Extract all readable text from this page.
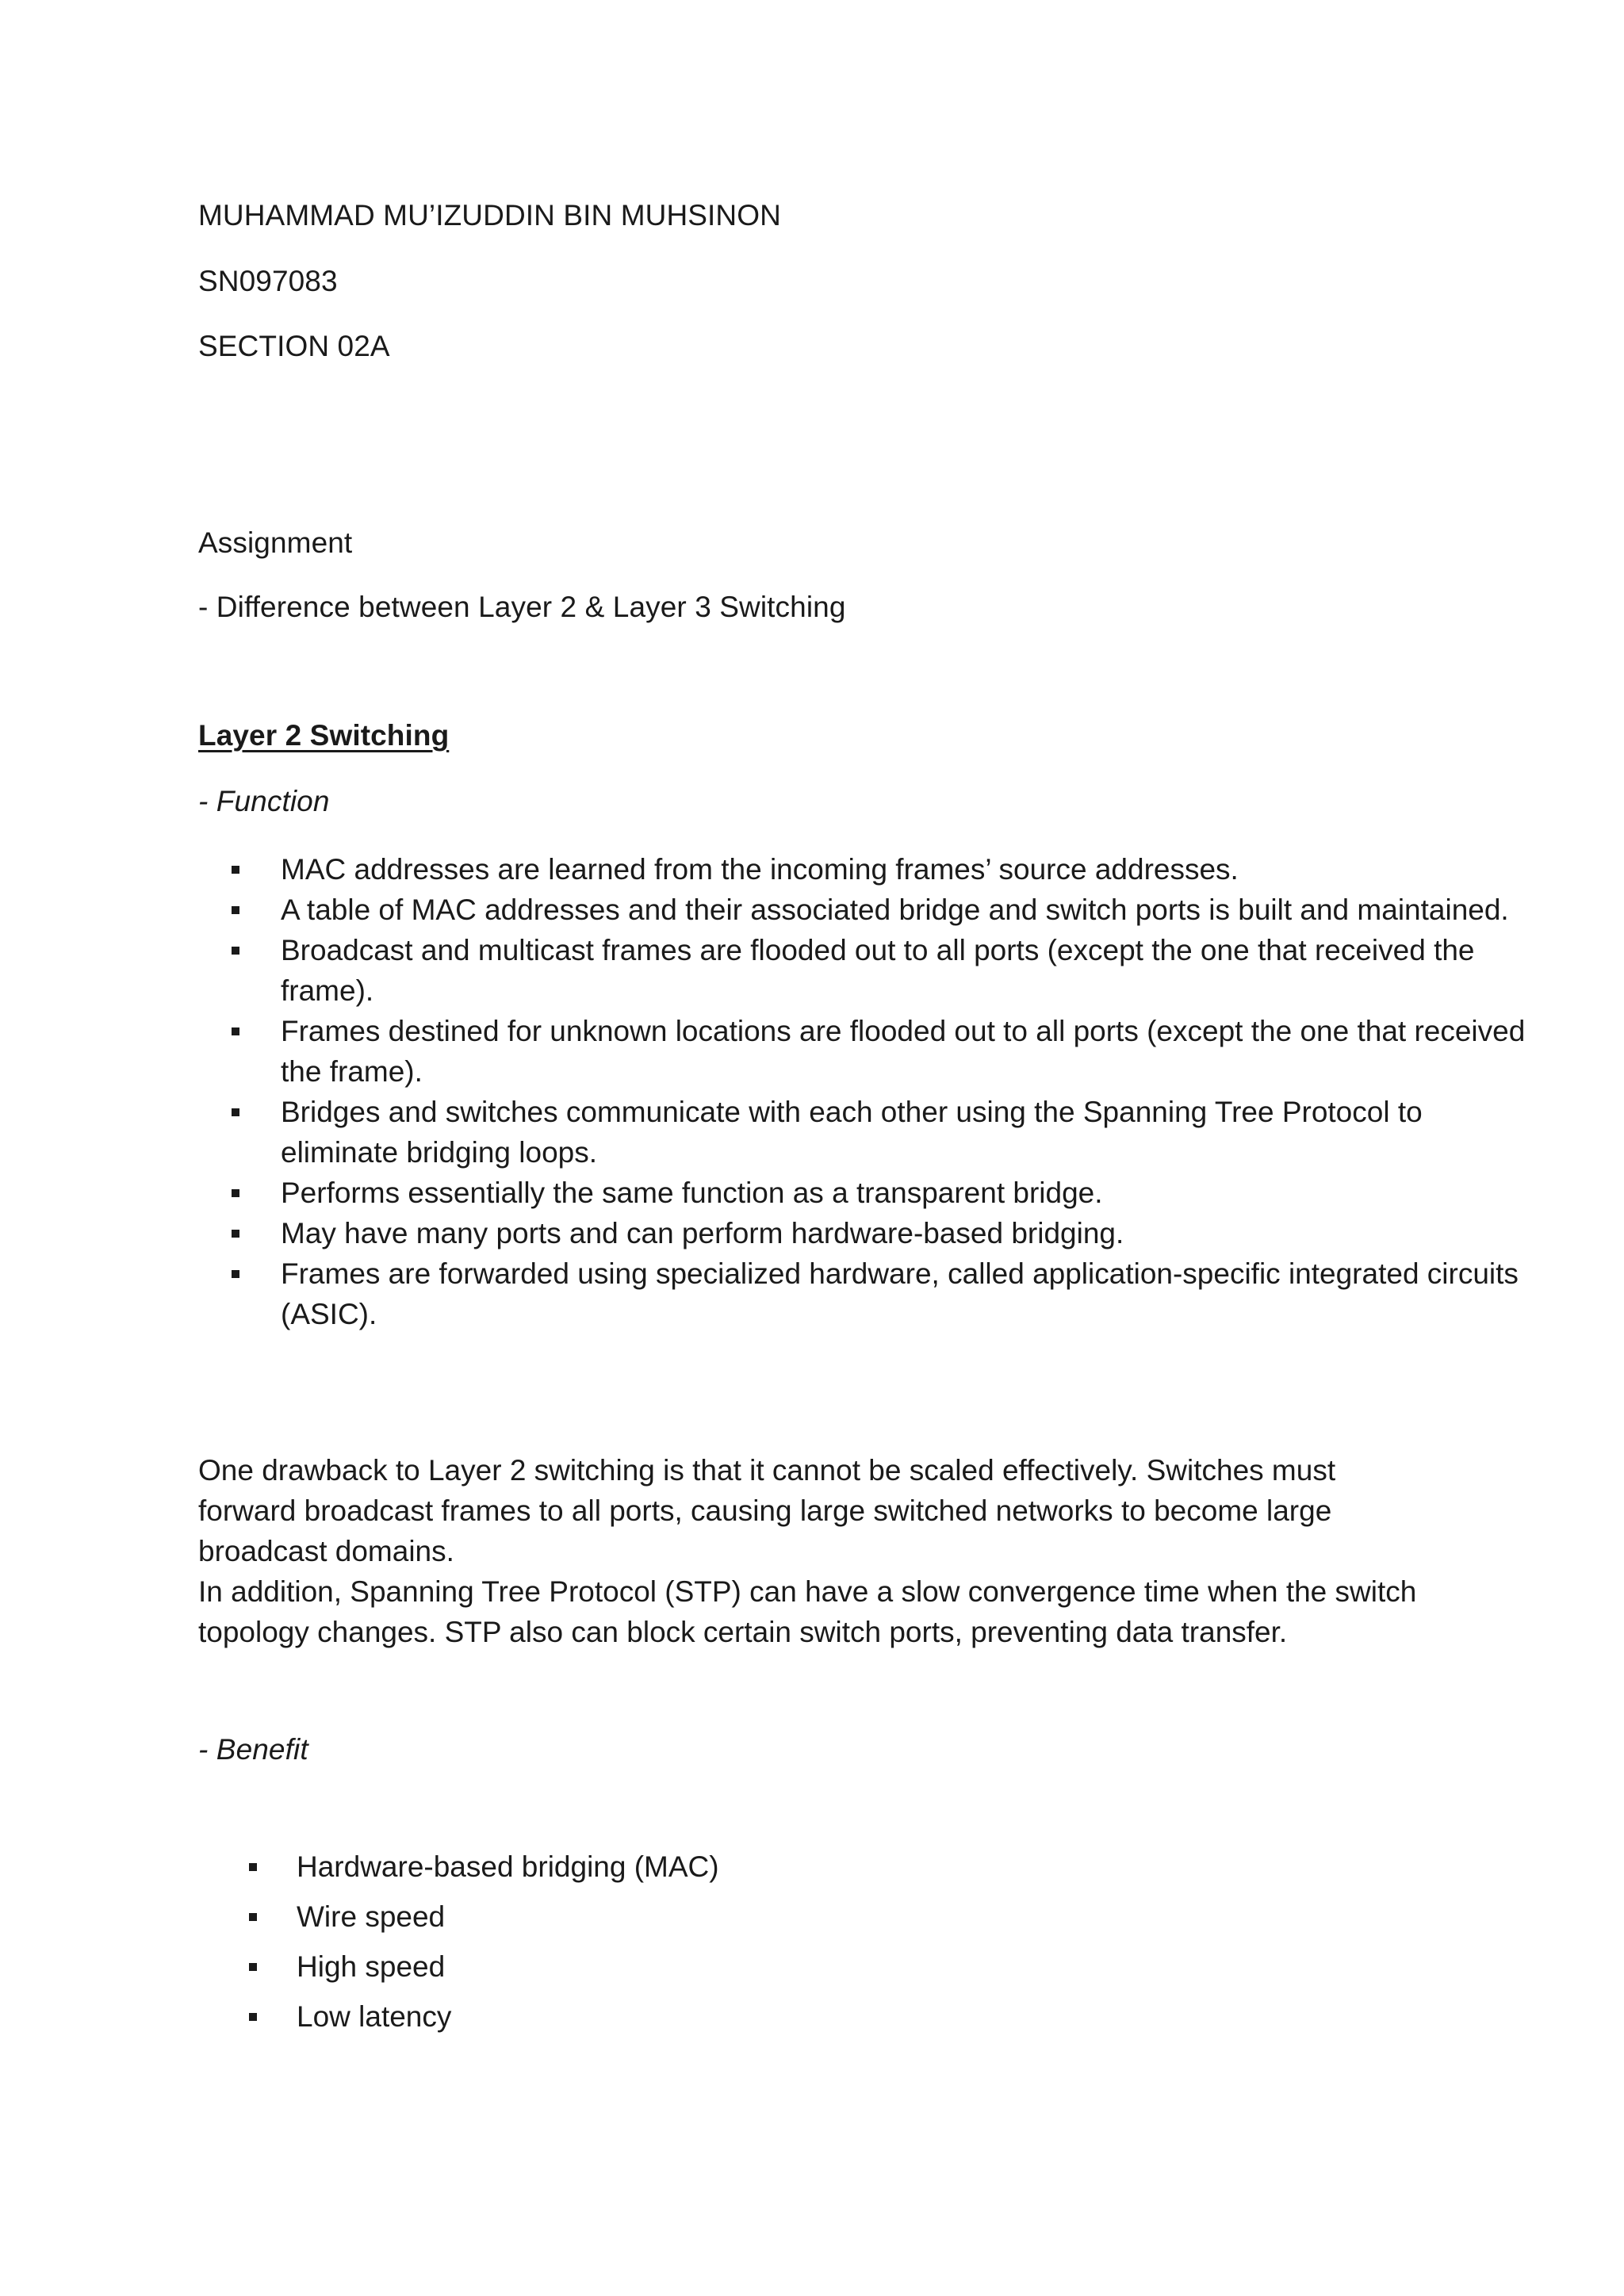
MUHAMMAD MU’IZUDDIN BIN MUHSINON
SN097083
SECTION 02A
Assignment
- Difference between Layer 2 & Layer 3 Switching
Layer 2 Switching
- Function
MAC addresses are learned from the incoming frames’ source addresses.
A table of MAC addresses and their associated bridge and switch ports is built and maintained.
Broadcast and multicast frames are flooded out to all ports (except the one that received the frame).
Frames destined for unknown locations are flooded out to all ports (except the one that received the frame).
Bridges and switches communicate with each other using the Spanning Tree Protocol to eliminate bridging loops.
Performs essentially the same function as a transparent bridge.
May have many ports and can perform hardware-based bridging.
Frames are forwarded using specialized hardware, called application-specific integrated circuits (ASIC).
One drawback to Layer 2 switching is that it cannot be scaled effectively. Switches must forward broadcast frames to all ports, causing large switched networks to become large broadcast domains.
In addition, Spanning Tree Protocol (STP) can have a slow convergence time when the switch topology changes. STP also can block certain switch ports, preventing data transfer.
- Benefit
Hardware-based bridging (MAC)
Wire speed
High speed
Low latency
